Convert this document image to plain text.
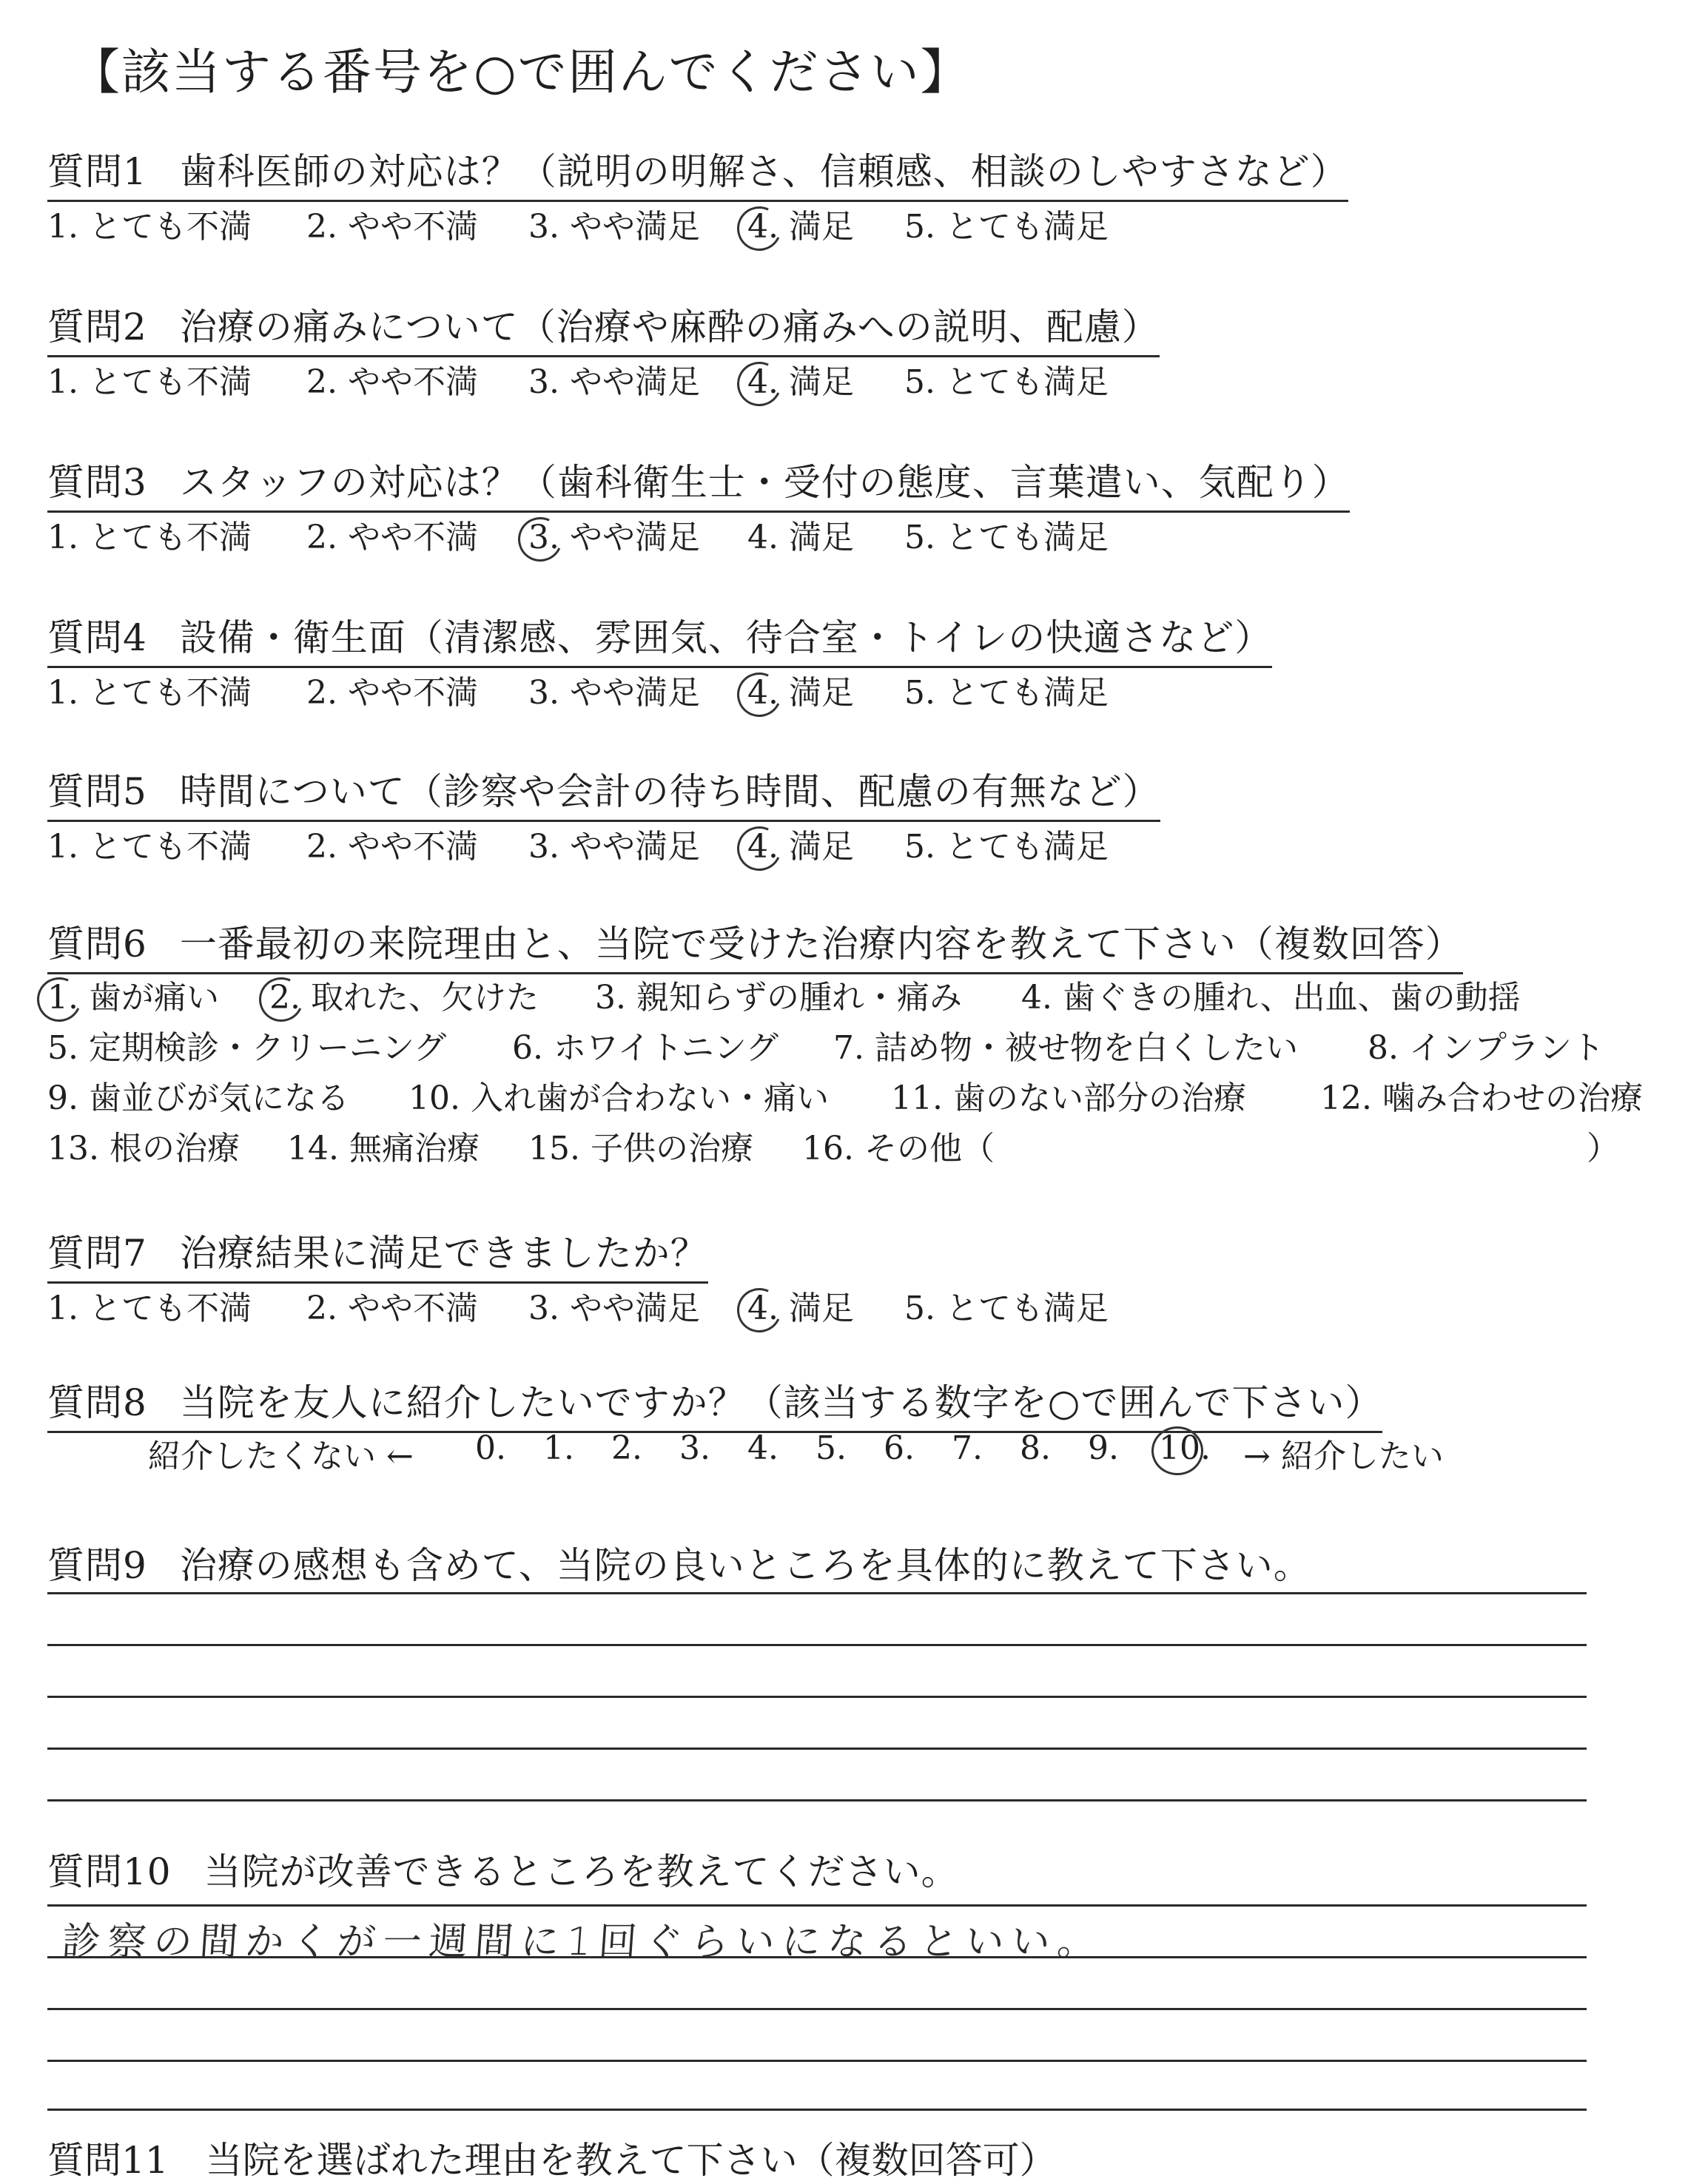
【該当する番号を○で囲んでください】
質問1 歯科医師の対応は？（説明の明解さ、信頼感、相談のしやすさなど）
1. とても不満 2. やや不満 3. やや満足 4. 満足 5. とても満足
質問2 治療の痛みについて（治療や麻酔の痛みへの説明、配慮）
1. とても不満 2. やや不満 3. やや満足 4. 満足 5. とても満足
質問3 スタッフの対応は？（歯科衛生士・受付の態度、言葉遣い、気配り）
1. とても不満 2. やや不満 3. やや満足 4. 満足 5. とても満足
質問4 設備・衛生面（清潔感、雰囲気、待合室・トイレの快適さなど）
1. とても不満 2. やや不満 3. やや満足 4. 満足 5. とても満足
質問5 時間について（診察や会計の待ち時間、配慮の有無など）
1. とても不満 2. やや不満 3. やや満足 4. 満足 5. とても満足
質問6 一番最初の来院理由と、当院で受けた治療内容を教えて下さい（複数回答）
1. 歯が痛い 2. 取れた、欠けた 3. 親知らずの腫れ・痛み 4. 歯ぐきの腫れ、出血、歯の動揺
5. 定期検診・クリーニング 6. ホワイトニング 7. 詰め物・被せ物を白くしたい 8. インプラント
9. 歯並びが気になる 10. 入れ歯が合わない・痛い 11. 歯のない部分の治療 12. 噛み合わせの治療
13. 根の治療 14. 無痛治療 15. 子供の治療 16. その他（	）
質問7 治療結果に満足できましたか？
1. とても不満 2. やや不満 3. やや満足 4. 満足 5. とても満足
質問8 当院を友人に紹介したいですか？（該当する数字を○で囲んで下さい）
紹介したくない ← 0. 1. 2. 3. 4. 5. 6. 7. 8. 9. 10. → 紹介したい
質問9 治療の感想も含めて、当院の良いところを具体的に教えて下さい。
質問10 当院が改善できるところを教えてください。
診察の間かくが一週間に1回ぐらいになるといい。
質問11　当院を選ばれた理由を教えて下さい（複数回答可）
